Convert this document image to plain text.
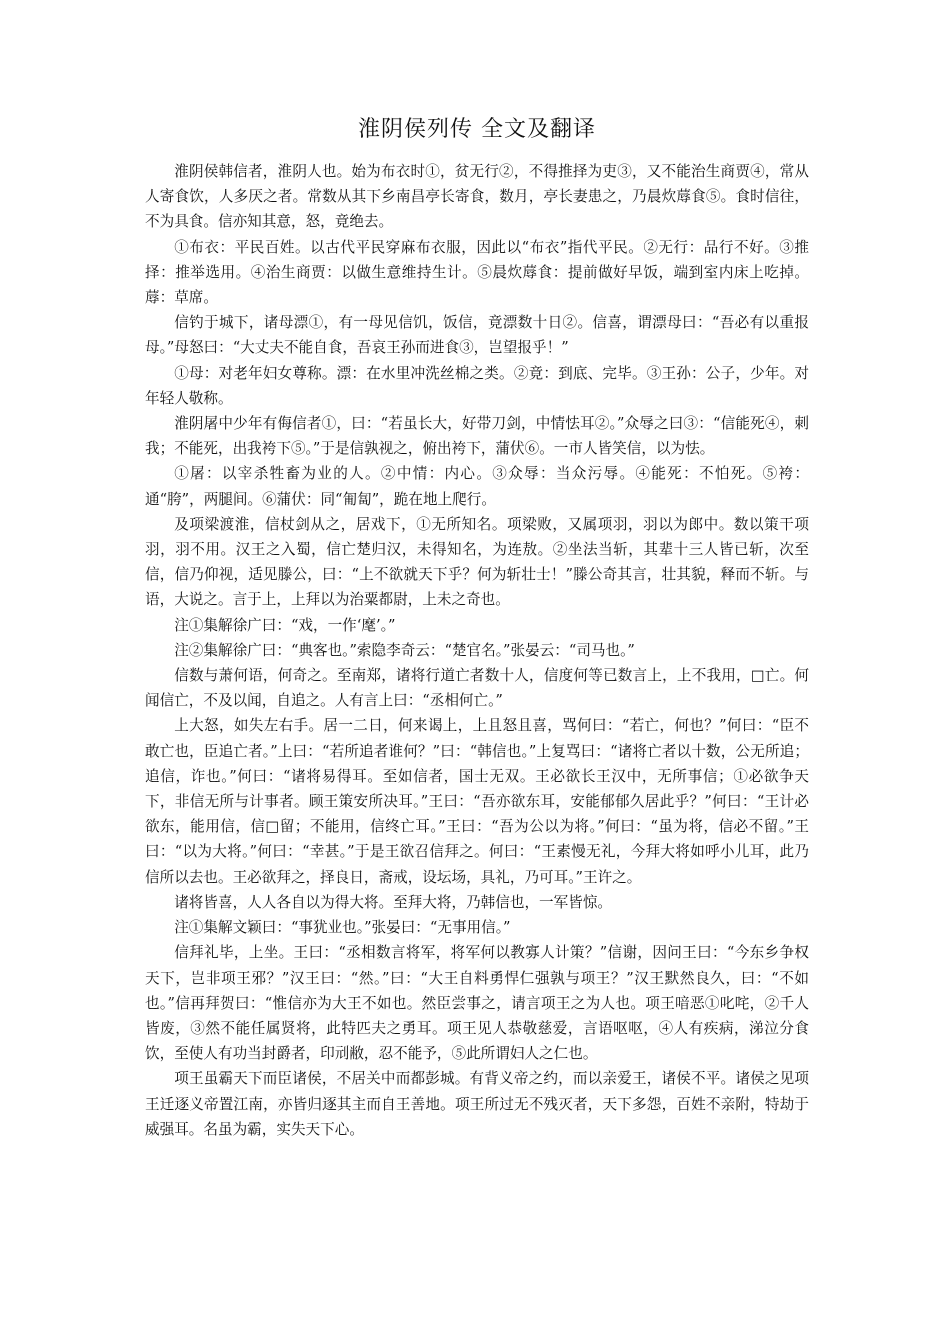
淮阴侯列传 全文及翻译

淮阴侯韩信者，淮阴人也。始为布衣时①，贫无行②，不得推择为吏③，又不能治生商贾④，常从人寄食饮，人多厌之者。常数从其下乡南昌亭长寄食，数月，亭长妻患之，乃晨炊蓐食⑤。食时信往，不为具食。信亦知其意，怒，竟绝去。

①布衣：平民百姓。以古代平民穿麻布衣服，因此以“布衣”指代平民。②无行：品行不好。③推择：推举选用。④治生商贾：以做生意维持生计。⑤晨炊蓐食：提前做好早饭，端到室内床上吃掉。蓐：草席。

信钓于城下，诸母漂①，有一母见信饥，饭信，竟漂数十日②。信喜，谓漂母曰：“吾必有以重报母。”母怒曰：“大丈夫不能自食，吾哀王孙而进食③，岂望报乎！”

①母：对老年妇女尊称。漂：在水里冲洗丝棉之类。②竟：到底、完毕。③王孙：公子，少年。对年轻人敬称。

淮阴屠中少年有侮信者①，曰：“若虽长大，好带刀剑，中情怯耳②。”众辱之曰③：“信能死④，刺我；不能死，出我袴下⑤。”于是信孰视之，俯出袴下，蒲伏⑥。一市人皆笑信，以为怯。

①屠：以宰杀牲畜为业的人。②中情：内心。③众辱：当众污辱。④能死：不怕死。⑤袴：通“胯”，两腿间。⑥蒲伏：同“匍匐”，跪在地上爬行。

及项梁渡淮，信杖剑从之，居戏下，①无所知名。项梁败，又属项羽，羽以为郎中。数以策干项羽，羽不用。汉王之入蜀，信亡楚归汉，未得知名，为连敖。②坐法当斩，其辈十三人皆已斩，次至信，信乃仰视，适见滕公，曰：“上不欲就天下乎？何为斩壮士！”滕公奇其言，壮其貌，释而不斩。与语，大说之。言于上，上拜以为治粟都尉，上未之奇也。

注①集解徐广曰：“戏，一作‘麾’。”

注②集解徐广曰：“典客也。”索隐李奇云：“楚官名。”张晏云：“司马也。”

信数与萧何语，何奇之。至南郑，诸将行道亡者数十人，信度何等已数言上，上不我用，□亡。何闻信亡，不及以闻，自追之。人有言上曰：“丞相何亡。”

上大怒，如失左右手。居一二日，何来谒上，上且怒且喜，骂何曰：“若亡，何也？”何曰：“臣不敢亡也，臣追亡者。”上曰：“若所追者谁何？”曰：“韩信也。”上复骂曰：“诸将亡者以十数，公无所追；追信，诈也。”何曰：“诸将易得耳。至如信者，国士无双。王必欲长王汉中，无所事信；①必欲争天下，非信无所与计事者。顾王策安所决耳。”王曰：“吾亦欲东耳，安能郁郁久居此乎？”何曰：“王计必欲东，能用信，信□留；不能用，信终亡耳。”王曰：“吾为公以为将。”何曰：“虽为将，信必不留。”王曰：“以为大将。”何曰：“幸甚。”于是王欲召信拜之。何曰：“王素慢无礼，今拜大将如呼小儿耳，此乃信所以去也。王必欲拜之，择良日，斋戒，设坛场，具礼，乃可耳。”王许之。

诸将皆喜，人人各自以为得大将。至拜大将，乃韩信也，一军皆惊。

注①集解文颖曰：“事犹业也。”张晏曰：“无事用信。”

信拜礼毕，上坐。王曰：“丞相数言将军，将军何以教寡人计策？”信谢，因问王曰：“今东乡争权天下，岂非项王邪？”汉王曰：“然。”曰：“大王自料勇悍仁强孰与项王？”汉王默然良久，曰：“不如也。”信再拜贺曰：“惟信亦为大王不如也。然臣尝事之，请言项王之为人也。项王喑恶①叱咤，②千人皆废，③然不能任属贤将，此特匹夫之勇耳。项王见人恭敬慈爱，言语呕呕，④人有疾病，涕泣分食饮，至使人有功当封爵者，印刓敝，忍不能予，⑤此所谓妇人之仁也。

项王虽霸天下而臣诸侯，不居关中而都彭城。有背义帝之约，而以亲爱王，诸侯不平。诸侯之见项王迁逐义帝置江南，亦皆归逐其主而自王善地。项王所过无不残灭者，天下多怨，百姓不亲附，特劫于威强耳。名虽为霸，实失天下心。
